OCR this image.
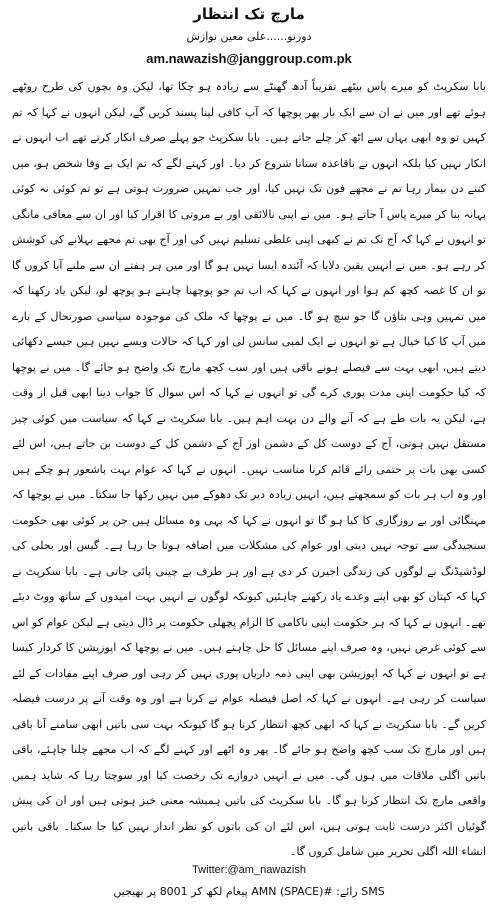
مارچ تک انتظار
دورنو......علی معین نوازش
am.nawazish@janggroup.com.pk

بابا سکرپٹ کو میرے پاس بیٹھے تقریباً آدھ گھنٹے سے زیادہ ہو چکا تھا، لیکن وہ بچوں کی طرح روٹھے ہوئے تھے اور میں نے ان سے ایک بار پھر پوچھا کہ آپ کافی لینا پسند کریں گے، لیکن انہوں نے کہا کہ تم کہیں تو وہ ابھی یہاں سے اٹھ کر چلے جاتے ہیں۔ بابا سکرپٹ جو پہلے صرف انکار کرتے تھے اب انہوں نے انکار نہیں کیا بلکہ انہوں نے باقاعدہ ستانا شروع کر دیا۔ اور کہنے لگے کہ تم ایک بے وفا شخص ہو، میں کتنے دن بیمار رہا تم نے مجھے فون تک نہیں کیا، اور جب تمہیں ضرورت ہوتی ہے تو تم کوئی نہ کوئی بہانہ بنا کر میرے پاس آ جاتے ہو۔ میں نے اپنی نالائقی اور بے مروتی کا اقرار کیا اور ان سے معافی مانگی تو انہوں نے کہا کہ آج تک تم نے کبھی اپنی غلطی تسلیم نہیں کی اور آج بھی تم مجھے بہلانے کی کوشش کر رہے ہو۔ میں نے انہیں یقین دلایا کہ آئندہ ایسا نہیں ہو گا اور میں ہر ہفتے ان سے ملنے آیا کروں گا تو ان کا غصہ کچھ کم ہوا اور انہوں نے کہا کہ اب تم جو پوچھنا چاہتے ہو پوچھ لو، لیکن یاد رکھنا کہ میں تمہیں وہی بتاؤں گا جو سچ ہو گا۔ میں نے پوچھا کہ ملک کی موجودہ سیاسی صورتحال کے بارے میں آپ کا کیا خیال ہے تو انہوں نے ایک لمبی سانس لی اور کہا کہ حالات ویسے نہیں ہیں جیسے دکھائی دیتے ہیں، ابھی بہت سے فیصلے ہونے باقی ہیں اور سب کچھ مارچ تک واضح ہو جائے گا۔ میں نے پوچھا کہ کیا حکومت اپنی مدت پوری کرے گی تو انہوں نے کہا کہ اس سوال کا جواب دینا ابھی قبل از وقت ہے، لیکن یہ بات طے ہے کہ آنے والے دن بہت اہم ہیں۔ بابا سکرپٹ نے کہا کہ سیاست میں کوئی چیز مستقل نہیں ہوتی، آج کے دوست کل کے دشمن اور آج کے دشمن کل کے دوست بن جاتے ہیں، اس لئے کسی بھی بات پر حتمی رائے قائم کرنا مناسب نہیں۔ انہوں نے کہا کہ عوام بہت باشعور ہو چکے ہیں اور وہ اب ہر بات کو سمجھتے ہیں، انہیں زیادہ دیر تک دھوکے میں نہیں رکھا جا سکتا۔ میں نے پوچھا کہ مہنگائی اور بے روزگاری کا کیا ہو گا تو انہوں نے کہا کہ یہی وہ مسائل ہیں جن پر کوئی بھی حکومت سنجیدگی سے توجہ نہیں دیتی اور عوام کی مشکلات میں اضافہ ہوتا جا رہا ہے۔ گیس اور بجلی کی لوڈشیڈنگ نے لوگوں کی زندگی اجیرن کر دی ہے اور ہر طرف بے چینی پائی جاتی ہے۔ بابا سکرپٹ نے کہا کہ کپتان کو بھی اپنے وعدے یاد رکھنے چاہئیں کیونکہ لوگوں نے انہیں بہت امیدوں کے ساتھ ووٹ دیئے تھے۔ انہوں نے کہا کہ ہر حکومت اپنی ناکامی کا الزام پچھلی حکومت پر ڈال دیتی ہے لیکن عوام کو اس سے کوئی غرض نہیں، وہ صرف اپنے مسائل کا حل چاہتے ہیں۔ میں نے پوچھا کہ اپوزیشن کا کردار کیسا ہے تو انہوں نے کہا کہ اپوزیشن بھی اپنی ذمہ داریاں پوری نہیں کر رہی اور صرف اپنے مفادات کے لئے سیاست کر رہی ہے۔ انہوں نے کہا کہ اصل فیصلہ عوام نے کرنا ہے اور وہ وقت آنے پر درست فیصلہ کریں گے۔ بابا سکرپٹ نے کہا کہ ابھی کچھ انتظار کرنا ہو گا کیونکہ بہت سی باتیں ابھی سامنے آنا باقی ہیں اور مارچ تک سب کچھ واضح ہو جائے گا۔ پھر وہ اٹھے اور کہنے لگے کہ اب مجھے چلنا چاہئے، باقی باتیں اگلی ملاقات میں ہوں گی۔ میں نے انہیں دروازے تک رخصت کیا اور سوچتا رہا کہ شاید ہمیں واقعی مارچ تک انتظار کرنا ہو گا۔ بابا سکرپٹ کی باتیں ہمیشہ معنی خیز ہوتی ہیں اور ان کی پیش گوئیاں اکثر درست ثابت ہوتی ہیں، اس لئے ان کی باتوں کو نظر انداز نہیں کیا جا سکتا۔ باقی باتیں انشاء اللہ اگلی تحریر میں شامل کروں گا۔

Twitter:@am_nawazish
SMS رائے: #AMN (SPACE) پیغام لکھ کر 8001 پر بھیجیں
